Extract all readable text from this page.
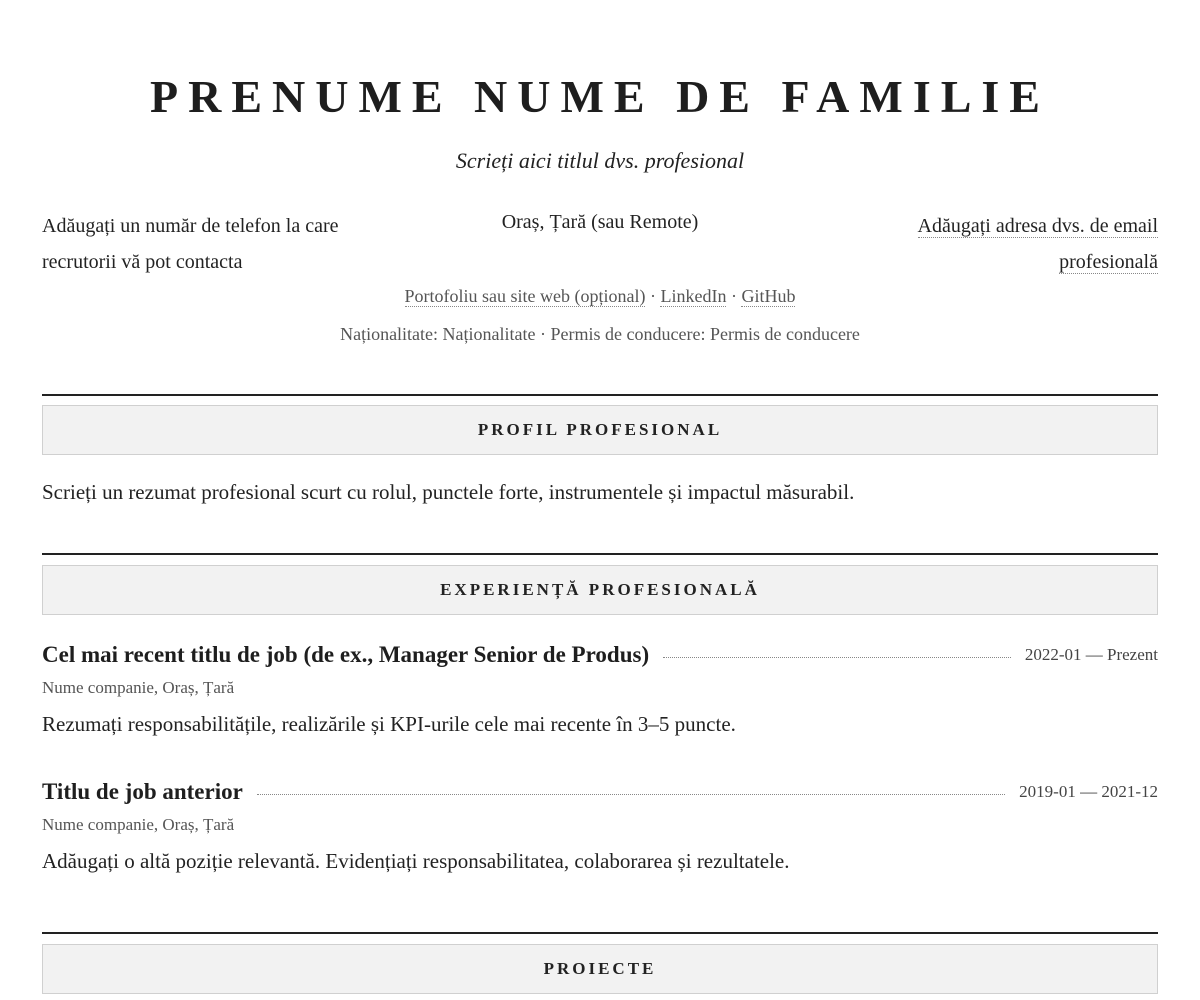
PRENUME NUME DE FAMILIE
Scrieți aici titlul dvs. profesional
Adăugați un număr de telefon la care
recrutorii vă pot contacta
Oraș, Țară (sau Remote)	Adăugați adresa dvs. de email
profesională
Portofoliu sau site web (opțional) · LinkedIn · GitHub
Naționalitate: Naționalitate · Permis de conducere: Permis de conducere
PROFIL PROFESIONAL
Scrieți un rezumat profesional scurt cu rolul, punctele forte, instrumentele și impactul măsurabil.
EXPERIENȚĂ PROFESIONALĂ
Cel mai recent titlu de job (de ex., Manager Senior de Produs)	2022-01 — Prezent
Nume companie, Oraș, Țară
Rezumați responsabilitățile, realizările și KPI-urile cele mai recente în 3–5 puncte.
Titlu de job anterior	2019-01 — 2021-12
Nume companie, Oraș, Țară
Adăugați o altă poziție relevantă. Evidențiați responsabilitatea, colaborarea și rezultatele.
PROIECTE
